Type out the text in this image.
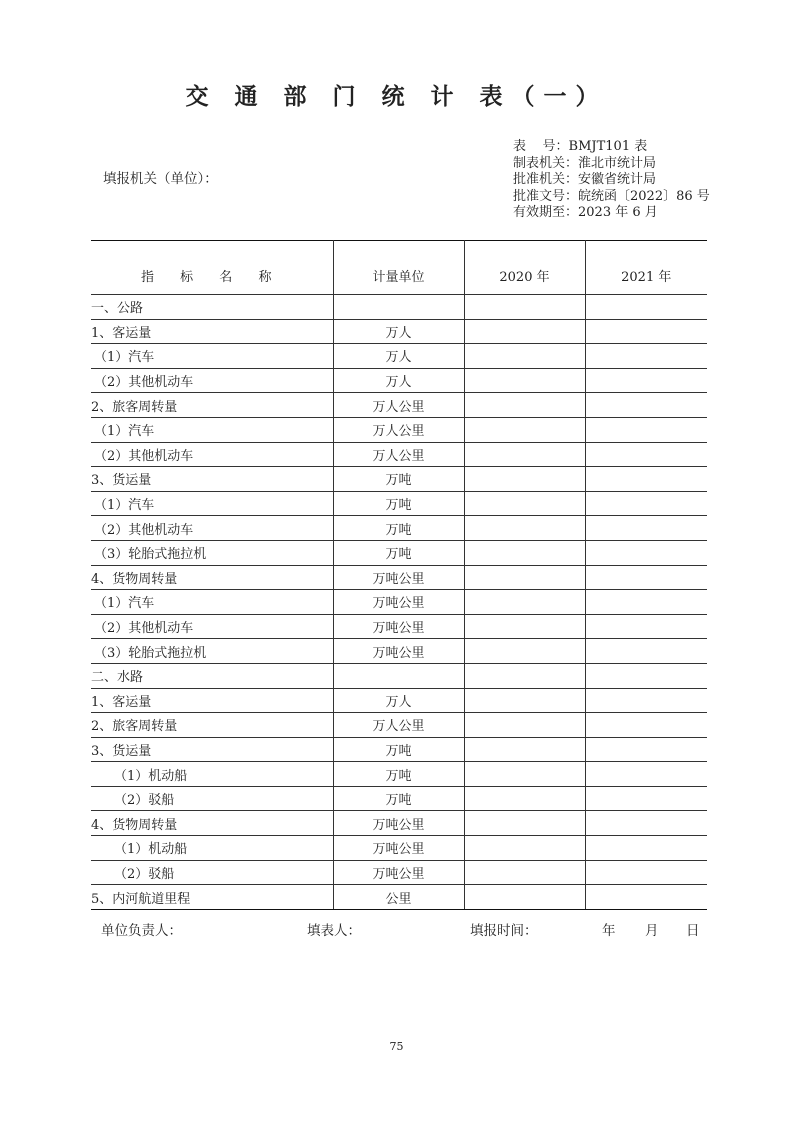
交 通 部 门 统 计 表（一）
填报机关（单位）：
表    号：BMJT101 表
制表机关：淮北市统计局
批准机关：安徽省统计局
批准文号：皖统函〔2022〕86 号
有效期至：2023 年 6 月
指 标 名 称	计量单位	2020 年	2021 年
一、公路			
1、客运量	万人		
（1）汽车	万人		
（2）其他机动车	万人		
2、旅客周转量	万人公里		
（1）汽车	万人公里		
（2）其他机动车	万人公里		
3、货运量	万吨		
（1）汽车	万吨		
（2）其他机动车	万吨		
（3）轮胎式拖拉机	万吨		
4、货物周转量	万吨公里		
（1）汽车	万吨公里		
（2）其他机动车	万吨公里		
（3）轮胎式拖拉机	万吨公里		
二、水路			
1、客运量	万人		
2、旅客周转量	万人公里		
3、货运量	万吨		
（1）机动船	万吨		
（2）驳船	万吨		
4、货物周转量	万吨公里		
（1）机动船	万吨公里		
（2）驳船	万吨公里		
5、内河航道里程	公里		
单位负责人：	填表人：	填报时间：	年 月 日
75
